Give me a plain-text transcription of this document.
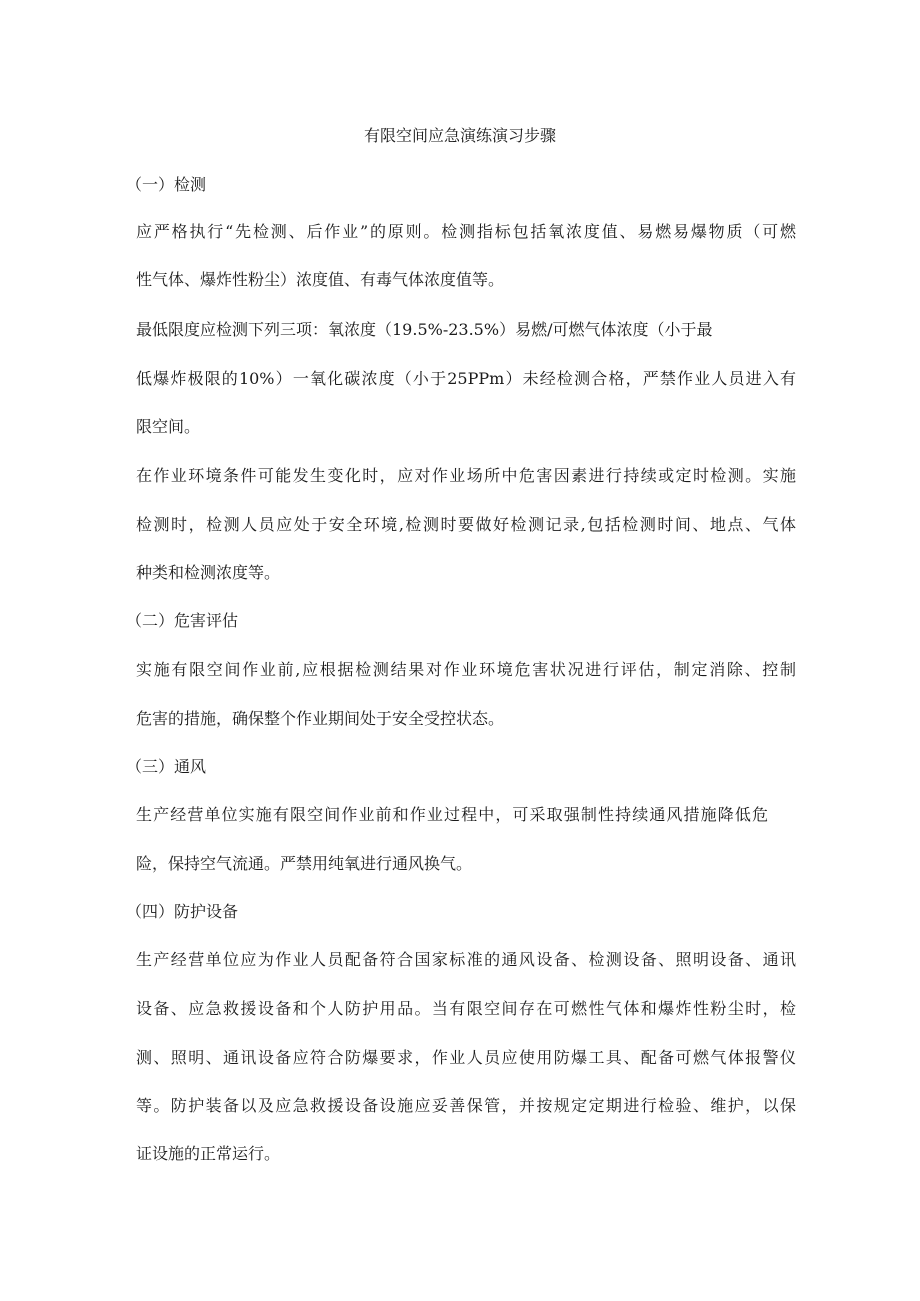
有限空间应急演练演习步骤

（一）检测

应严格执行“先检测、后作业”的原则。检测指标包括氧浓度值、易燃易爆物质（可燃

性气体、爆炸性粉尘）浓度值、有毒气体浓度值等。

最低限度应检测下列三项：氧浓度（19.5%-23.5%）易燃/可燃气体浓度（小于最

低爆炸极限的10%）一氧化碳浓度（小于25PPm）未经检测合格，严禁作业人员进入有

限空间。

在作业环境条件可能发生变化时，应对作业场所中危害因素进行持续或定时检测。实施

检测时，检测人员应处于安全环境,检测时要做好检测记录,包括检测时间、地点、气体

种类和检测浓度等。

（二）危害评估

实施有限空间作业前,应根据检测结果对作业环境危害状况进行评估，制定消除、控制

危害的措施，确保整个作业期间处于安全受控状态。

（三）通风

生产经营单位实施有限空间作业前和作业过程中，可采取强制性持续通风措施降低危

险，保持空气流通。严禁用纯氧进行通风换气。

（四）防护设备

生产经营单位应为作业人员配备符合国家标准的通风设备、检测设备、照明设备、通讯

设备、应急救援设备和个人防护用品。当有限空间存在可燃性气体和爆炸性粉尘时，检

测、照明、通讯设备应符合防爆要求，作业人员应使用防爆工具、配备可燃气体报警仪

等。防护装备以及应急救援设备设施应妥善保管，并按规定定期进行检验、维护，以保

证设施的正常运行。
